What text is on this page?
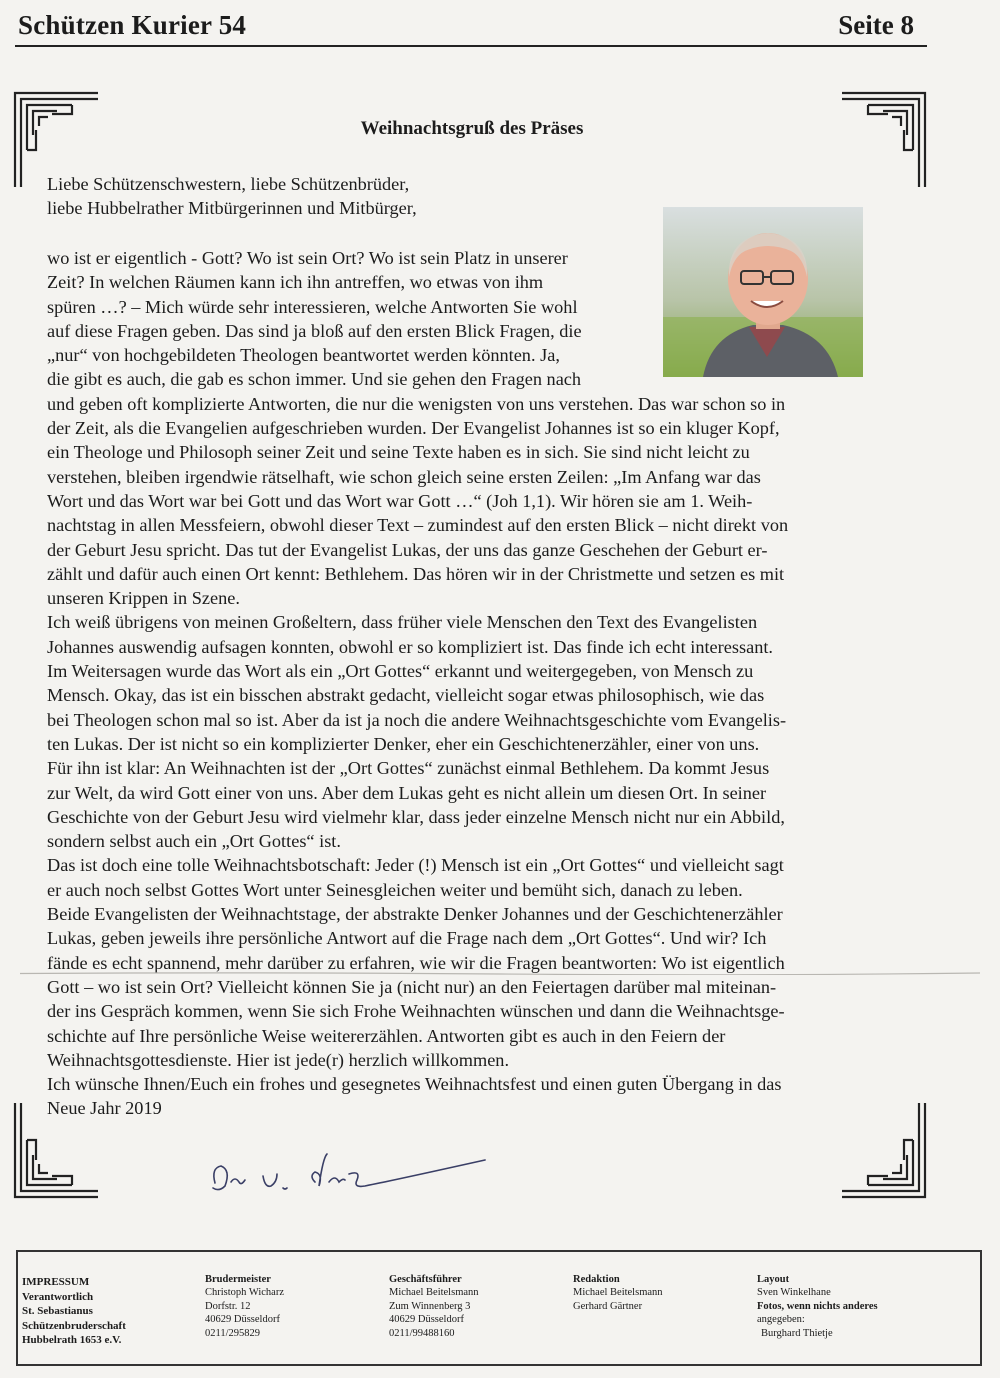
Schützen Kurier 54	Seite 8
Weihnachtsgruß des Präses
Liebe Schützenschwestern, liebe Schützenbrüder,
liebe Hubbelrather Mitbürgerinnen und Mitbürger,
wo ist er eigentlich - Gott? Wo ist sein Ort? Wo ist sein Platz in unserer
Zeit? In welchen Räumen kann ich ihn antreffen, wo etwas von ihm
spüren …? – Mich würde sehr interessieren, welche Antworten Sie wohl
auf diese Fragen geben. Das sind ja bloß auf den ersten Blick Fragen, die
„nur“ von hochgebildeten Theologen beantwortet werden könnten. Ja,
die gibt es auch, die gab es schon immer. Und sie gehen den Fragen nach
und geben oft komplizierte Antworten, die nur die wenigsten von uns verstehen. Das war schon so in
der Zeit, als die Evangelien aufgeschrieben wurden. Der Evangelist Johannes ist so ein kluger Kopf,
ein Theologe und Philosoph seiner Zeit und seine Texte haben es in sich. Sie sind nicht leicht zu
verstehen, bleiben irgendwie rätselhaft, wie schon gleich seine ersten Zeilen: „Im Anfang war das
Wort und das Wort war bei Gott und das Wort war Gott …“ (Joh 1,1). Wir hören sie am 1. Weih-
nachtstag in allen Messfeiern, obwohl dieser Text – zumindest auf den ersten Blick – nicht direkt von
der Geburt Jesu spricht. Das tut der Evangelist Lukas, der uns das ganze Geschehen der Geburt er-
zählt und dafür auch einen Ort kennt: Bethlehem. Das hören wir in der Christmette und setzen es mit
unseren Krippen in Szene.
Ich weiß übrigens von meinen Großeltern, dass früher viele Menschen den Text des Evangelisten
Johannes auswendig aufsagen konnten, obwohl er so kompliziert ist. Das finde ich echt interessant.
Im Weitersagen wurde das Wort als ein „Ort Gottes“ erkannt und weitergegeben, von Mensch zu
Mensch. Okay, das ist ein bisschen abstrakt gedacht, vielleicht sogar etwas philosophisch, wie das
bei Theologen schon mal so ist. Aber da ist ja noch die andere Weihnachtsgeschichte vom Evangelis-
ten Lukas. Der ist nicht so ein komplizierter Denker, eher ein Geschichtenerzähler, einer von uns.
Für ihn ist klar: An Weihnachten ist der „Ort Gottes“ zunächst einmal Bethlehem. Da kommt Jesus
zur Welt, da wird Gott einer von uns. Aber dem Lukas geht es nicht allein um diesen Ort. In seiner
Geschichte von der Geburt Jesu wird vielmehr klar, dass jeder einzelne Mensch nicht nur ein Abbild,
sondern selbst auch ein „Ort Gottes“ ist.
Das ist doch eine tolle Weihnachtsbotschaft: Jeder (!) Mensch ist ein „Ort Gottes“ und vielleicht sagt
er auch noch selbst Gottes Wort unter Seinesgleichen weiter und bemüht sich, danach zu leben.
Beide Evangelisten der Weihnachtstage, der abstrakte Denker Johannes und der Geschichtenerzähler
Lukas, geben jeweils ihre persönliche Antwort auf die Frage nach dem „Ort Gottes“. Und wir? Ich
fände es echt spannend, mehr darüber zu erfahren, wie wir die Fragen beantworten: Wo ist eigentlich
Gott – wo ist sein Ort? Vielleicht können Sie ja (nicht nur) an den Feiertagen darüber mal miteinan-
der ins Gespräch kommen, wenn Sie sich Frohe Weihnachten wünschen und dann die Weihnachtsge-
schichte auf Ihre persönliche Weise weitererzählen. Antworten gibt es auch in den Feiern der
Weihnachtsgottesdienste. Hier ist jede(r) herzlich willkommen.
Ich wünsche Ihnen/Euch ein frohes und gesegnetes Weihnachtsfest und einen guten Übergang in das
Neue Jahr 2019
Dr. v. der
IMPRESSUM
Verantwortlich
St. Sebastianus
Schützenbruderschaft
Hubbelrath 1653 e.V.
Brudermeister
Christoph Wicharz
Dorfstr. 12
40629 Düsseldorf
0211/295829
Geschäftsführer
Michael Beitelsmann
Zum Winnenberg 3
40629 Düsseldorf
0211/99488160
Redaktion
Michael Beitelsmann
Gerhard Gärtner
Layout
Sven Winkelhane
Fotos, wenn nichts anderes
angegeben:
Burghard Thietje
